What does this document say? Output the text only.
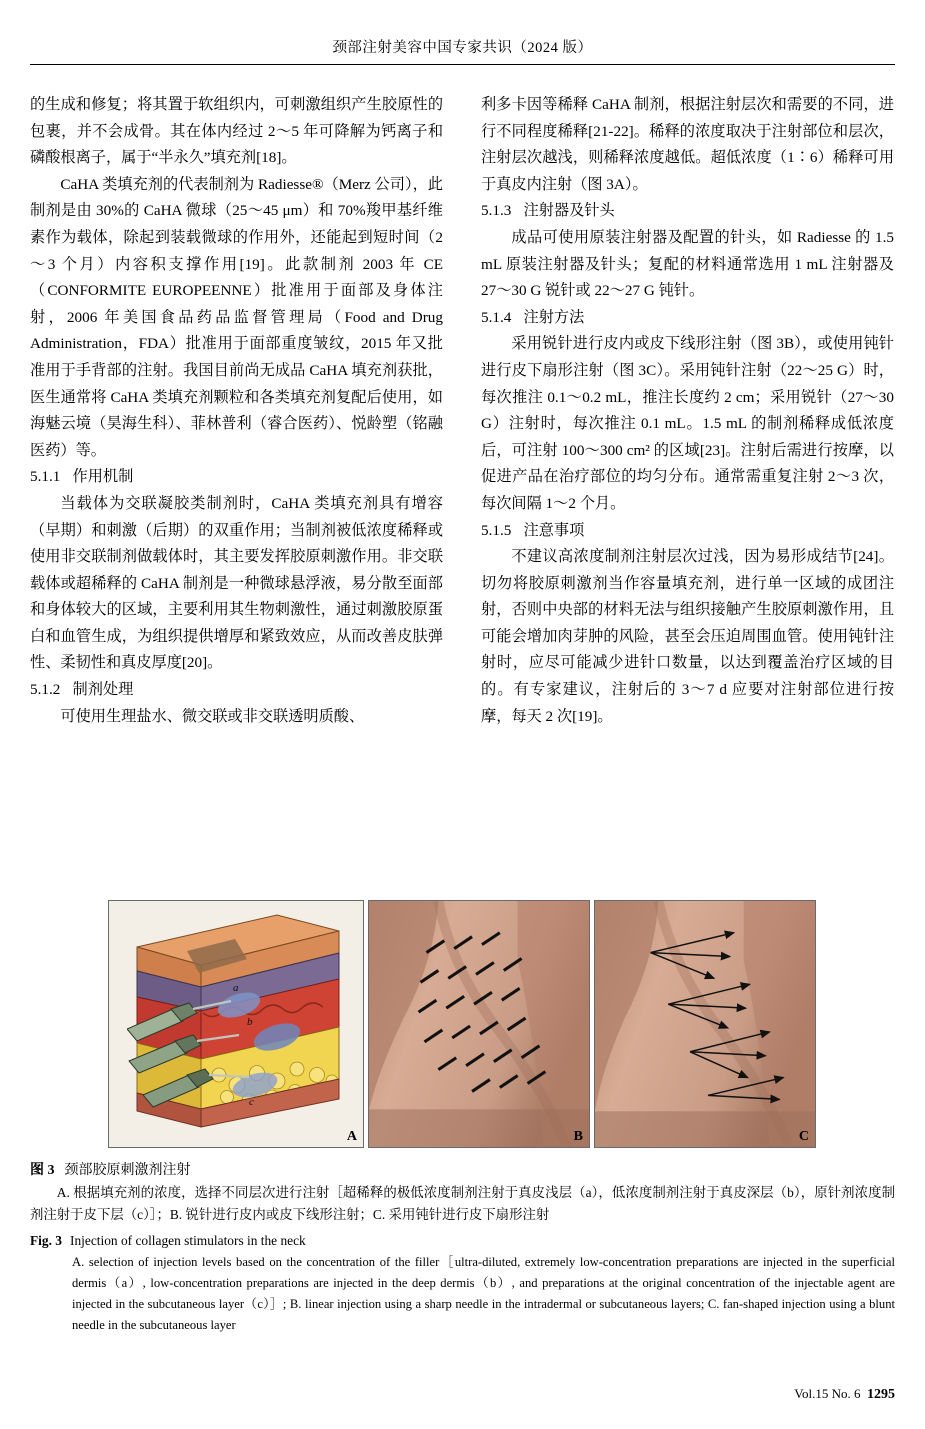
颈部注射美容中国专家共识（2024 版）

的生成和修复；将其置于软组织内，可刺激组织产生胶原性的包裹，并不会成骨。其在体内经过 2～5 年可降解为钙离子和磷酸根离子，属于“半永久”填充剂[18]。

CaHA 类填充剂的代表制剂为 Radiesse®（Merz 公司），此制剂是由 30%的 CaHA 微球（25～45 μm）和 70%羧甲基纤维素作为载体，除起到装载微球的作用外，还能起到短时间（2～3 个月）内容积支撑作用[19]。此款制剂 2003 年 CE（CONFORMITE EUROPEENNE）批准用于面部及身体注射，2006 年美国食品药品监督管理局（Food and Drug Administration，FDA）批准用于面部重度皱纹，2015 年又批准用于手背部的注射。我国目前尚无成品 CaHA 填充剂获批，医生通常将 CaHA 类填充剂颗粒和各类填充剂复配后使用，如海魅云境（昊海生科）、菲林普利（睿合医药）、悦龄塑（铭融医药）等。

5.1.1 作用机制

当载体为交联凝胶类制剂时，CaHA 类填充剂具有增容（早期）和刺激（后期）的双重作用；当制剂被低浓度稀释或使用非交联制剂做载体时，其主要发挥胶原刺激作用。非交联载体或超稀释的 CaHA 制剂是一种微球悬浮液，易分散至面部和身体较大的区域，主要利用其生物刺激性，通过刺激胶原蛋白和血管生成，为组织提供增厚和紧致效应，从而改善皮肤弹性、柔韧性和真皮厚度[20]。

5.1.2 制剂处理

可使用生理盐水、微交联或非交联透明质酸、

利多卡因等稀释 CaHA 制剂，根据注射层次和需要的不同，进行不同程度稀释[21-22]。稀释的浓度取决于注射部位和层次，注射层次越浅，则稀释浓度越低。超低浓度（1∶6）稀释可用于真皮内注射（图 3A）。

5.1.3 注射器及针头

成品可使用原装注射器及配置的针头，如 Radiesse 的 1.5 mL 原装注射器及针头；复配的材料通常选用 1 mL 注射器及 27～30 G 锐针或 22～27 G 钝针。

5.1.4 注射方法

采用锐针进行皮内或皮下线形注射（图 3B），或使用钝针进行皮下扇形注射（图 3C）。采用钝针注射（22～25 G）时，每次推注 0.1～0.2 mL，推注长度约 2 cm；采用锐针（27～30 G）注射时，每次推注 0.1 mL。1.5 mL 的制剂稀释成低浓度后，可注射 100～300 cm² 的区域[23]。注射后需进行按摩，以促进产品在治疗部位的均匀分布。通常需重复注射 2～3 次，每次间隔 1～2 个月。

5.1.5 注意事项

不建议高浓度制剂注射层次过浅，因为易形成结节[24]。切勿将胶原刺激剂当作容量填充剂，进行单一区域的成团注射，否则中央部的材料无法与组织接触产生胶原刺激作用，且可能会增加肉芽肿的风险，甚至会压迫周围血管。使用钝针注射时，应尽可能减少进针口数量，以达到覆盖治疗区域的目的。有专家建议，注射后的 3～7 d 应要对注射部位进行按摩，每天 2 次[19]。

a
b
c
A	B	C
图 3 颈部胶原刺激剂注射
A. 根据填充剂的浓度，选择不同层次进行注射［超稀释的极低浓度制剂注射于真皮浅层（a），低浓度制剂注射于真皮深层（b），原针剂浓度制剂注射于皮下层（c）］；B. 锐针进行皮内或皮下线形注射；C. 采用钝针进行皮下扇形注射
Fig. 3 Injection of collagen stimulators in the neck

A. selection of injection levels based on the concentration of the filler［ultra-diluted, extremely low-concentration preparations are injected in the superficial dermis（a）, low-concentration preparations are injected in the deep dermis（b）, and preparations at the original concentration of the injectable agent are injected in the subcutaneous layer（c）］; B. linear injection using a sharp needle in the intradermal or subcutaneous layers; C. fan-shaped injection using a blunt needle in the subcutaneous layer

Vol.15 No. 6 1295
